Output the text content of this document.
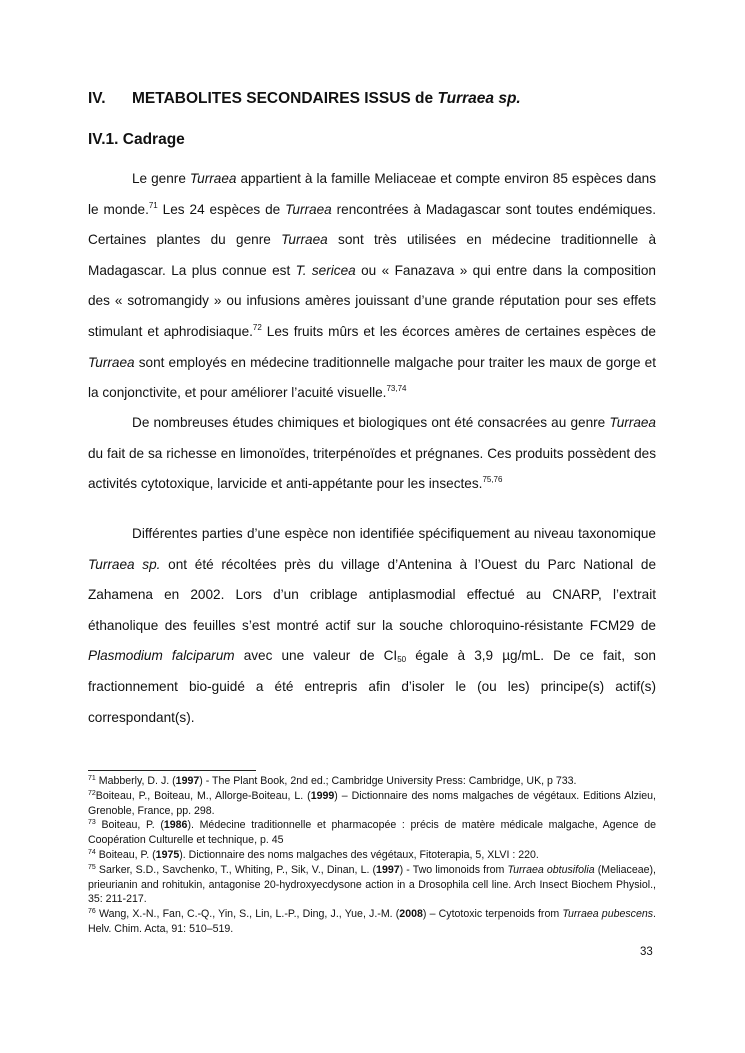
IV. METABOLITES SECONDAIRES ISSUS de Turraea sp.
IV.1. Cadrage

Le genre Turraea appartient à la famille Meliaceae et compte environ 85 espèces dans le monde.$^{71}$ Les 24 espèces de Turraea rencontrées à Madagascar sont toutes endémiques. Certaines plantes du genre Turraea sont très utilisées en médecine traditionnelle à Madagascar. La plus connue est T. sericea ou « Fanazava » qui entre dans la composition des « sotromangidy » ou infusions amères jouissant d’une grande réputation pour ses effets stimulant et aphrodisiaque.$^{72}$ Les fruits mûrs et les écorces amères de certaines espèces de Turraea sont employés en médecine traditionnelle malgache pour traiter les maux de gorge et la conjonctivite, et pour améliorer l’acuité visuelle.$^{73,74}$

De nombreuses études chimiques et biologiques ont été consacrées au genre Turraea du fait de sa richesse en limonoïdes, triterpénoïdes et prégnanes. Ces produits possèdent des activités cytotoxique, larvicide et anti-appétante pour les insectes.$^{75,76}$

Différentes parties d’une espèce non identifiée spécifiquement au niveau taxonomique Turraea sp. ont été récoltées près du village d’Antenina à l’Ouest du Parc National de Zahamena en 2002. Lors d’un criblage antiplasmodial effectué au CNARP, l’extrait éthanolique des feuilles s’est montré actif sur la souche chloroquino-résistante FCM29 de Plasmodium falciparum avec une valeur de $CI_{50}$ égale à 3,9 µg/mL. De ce fait, son fractionnement bio-guidé a été entrepris afin d’isoler le (ou les) principe(s) actif(s) correspondant(s).

$^{71}$ Mabberly, D. J. (1997) - The Plant Book, 2nd ed.; Cambridge University Press: Cambridge, UK, p 733.

$^{72}$Boiteau, P., Boiteau, M., Allorge-Boiteau, L. (1999) – Dictionnaire des noms malgaches de végétaux. Editions Alzieu, Grenoble, France, pp. 298.

$^{73}$ Boiteau, P. (1986). Médecine traditionnelle et pharmacopée : précis de matère médicale malgache, Agence de Coopération Culturelle et technique, p. 45

$^{74}$ Boiteau, P. (1975). Dictionnaire des noms malgaches des végétaux, Fitoterapia, 5, XLVI : 220.

$^{75}$ Sarker, S.D., Savchenko, T., Whiting, P., Sik, V., Dinan, L. (1997) - Two limonoids from Turraea obtusifolia (Meliaceae), prieurianin and rohitukin, antagonise 20-hydroxyecdysone action in a Drosophila cell line. Arch Insect Biochem Physiol., 35: 211-217.

$^{76}$ Wang, X.-N., Fan, C.-Q., Yin, S., Lin, L.-P., Ding, J., Yue, J.-M. (2008) – Cytotoxic terpenoids from Turraea pubescens. Helv. Chim. Acta, 91: 510–519.

33
